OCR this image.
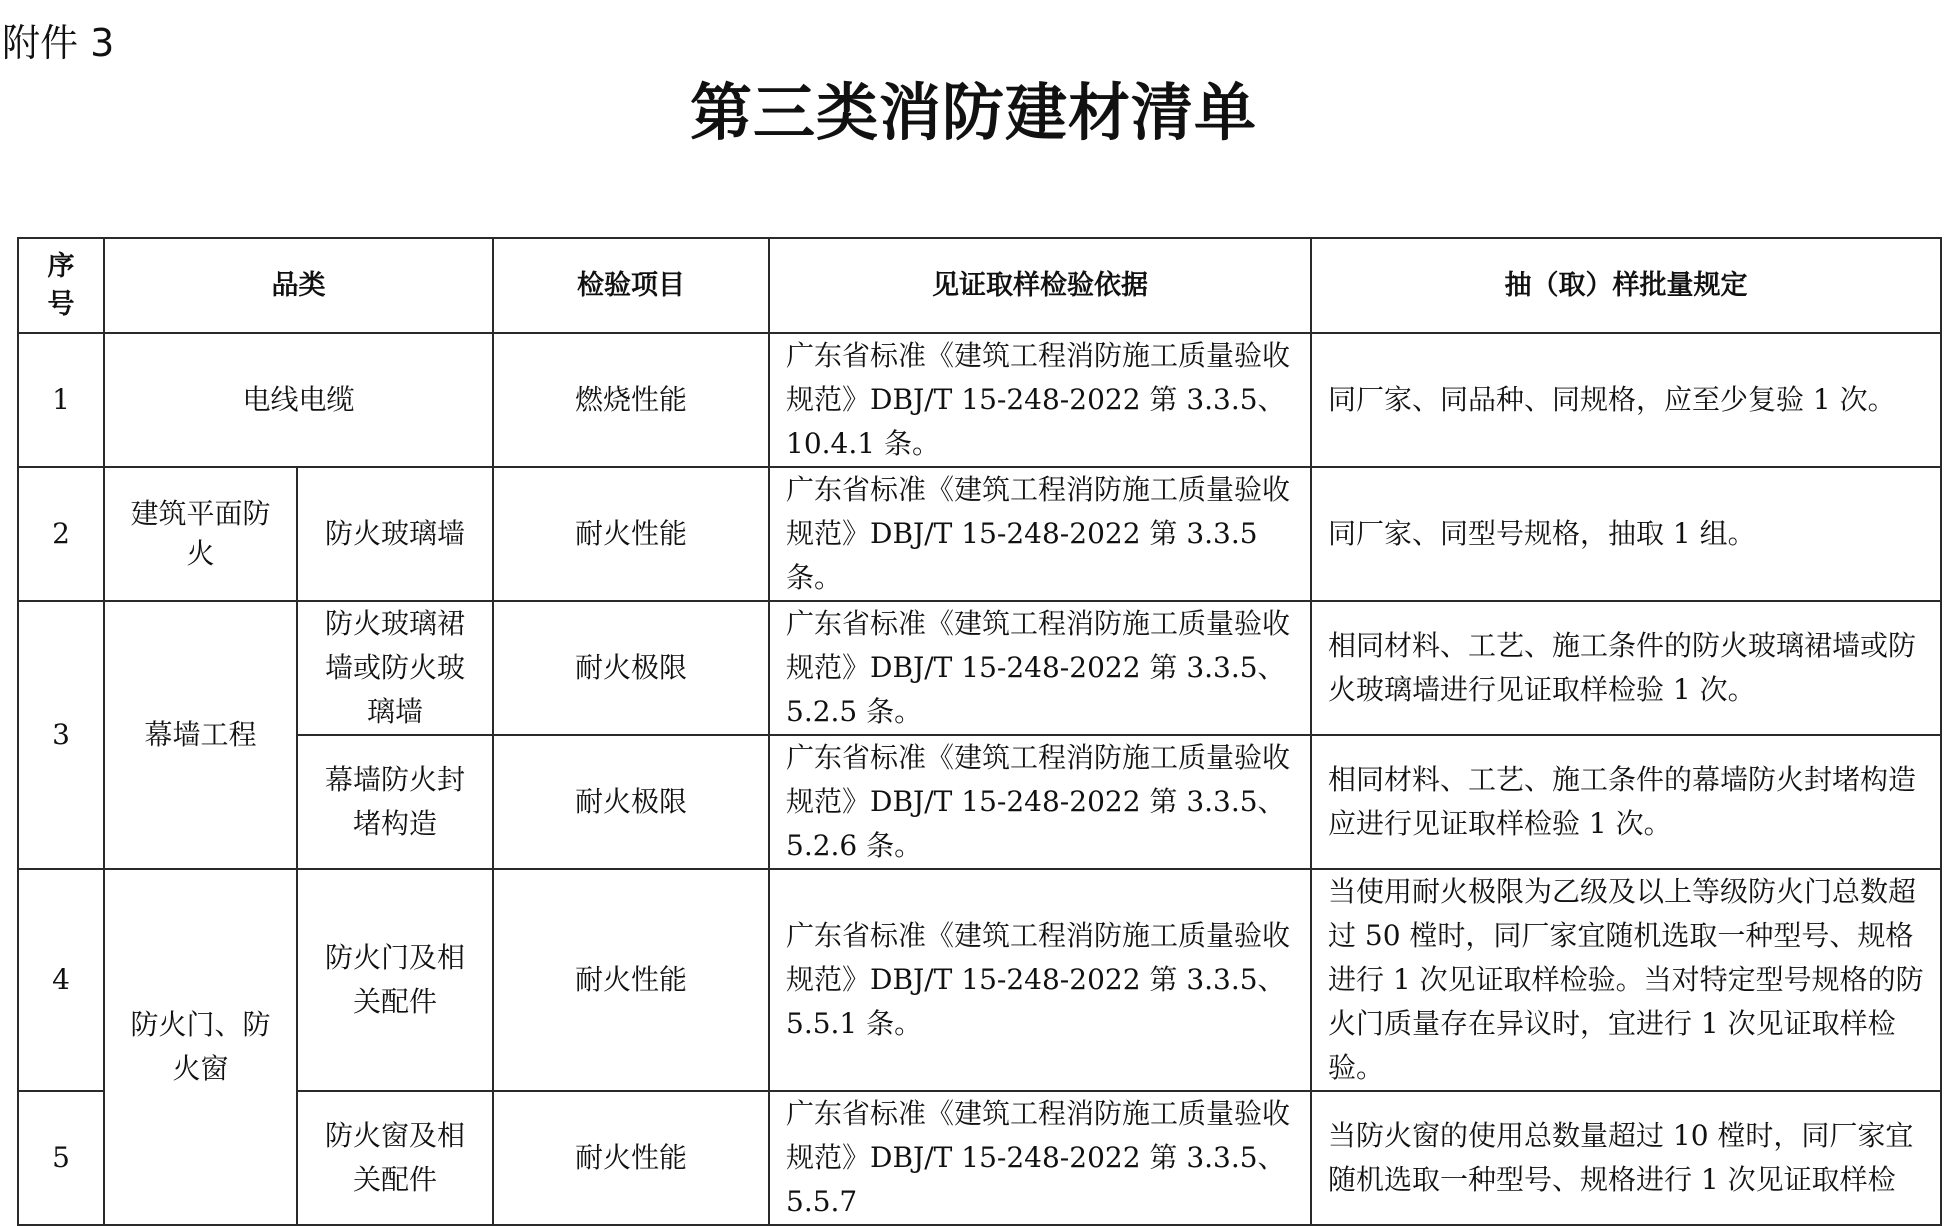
附件 3
第三类消防建材清单
序号	品类		检验项目	见证取样检验依据	抽（取）样批量规定
1	电线电缆		燃烧性能	广东省标准《建筑工程消防施工质量验收规范》DBJ/T 15-248-2022 第 3.3.5、10.4.1 条。	同厂家、同品种、同规格，应至少复验 1 次。
2	建筑平面防火	防火玻璃墙	耐火性能	广东省标准《建筑工程消防施工质量验收规范》DBJ/T 15-248-2022 第 3.3.5 条。	同厂家、同型号规格，抽取 1 组。
3	幕墙工程	防火玻璃裙墙或防火玻璃墙	耐火极限	广东省标准《建筑工程消防施工质量验收规范》DBJ/T 15-248-2022 第 3.3.5、5.2.5 条。	相同材料、工艺、施工条件的防火玻璃裙墙或防火玻璃墙进行见证取样检验 1 次。

		幕墙防火封堵构造	耐火极限	广东省标准《建筑工程消防施工质量验收规范》DBJ/T 15-248-2022 第 3.3.5、5.2.6 条。	相同材料、工艺、施工条件的幕墙防火封堵构造应进行见证取样检验 1 次。
4	防火门、防火窗	防火门及相关配件	耐火性能	广东省标准《建筑工程消防施工质量验收规范》DBJ/T 15-248-2022 第 3.3.5、5.5.1 条。	当使用耐火极限为乙级及以上等级防火门总数超过 50 樘时，同厂家宜随机选取一种型号、规格进行 1 次见证取样检验。当对特定型号规格的防火门质量存在异议时，宜进行 1 次见证取样检验。
5		防火窗及相关配件	耐火性能	广东省标准《建筑工程消防施工质量验收规范》DBJ/T 15-248-2022 第 3.3.5、5.5.7	当防火窗的使用总数量超过 10 樘时，同厂家宜随机选取一种型号、规格进行 1 次见证取样检
